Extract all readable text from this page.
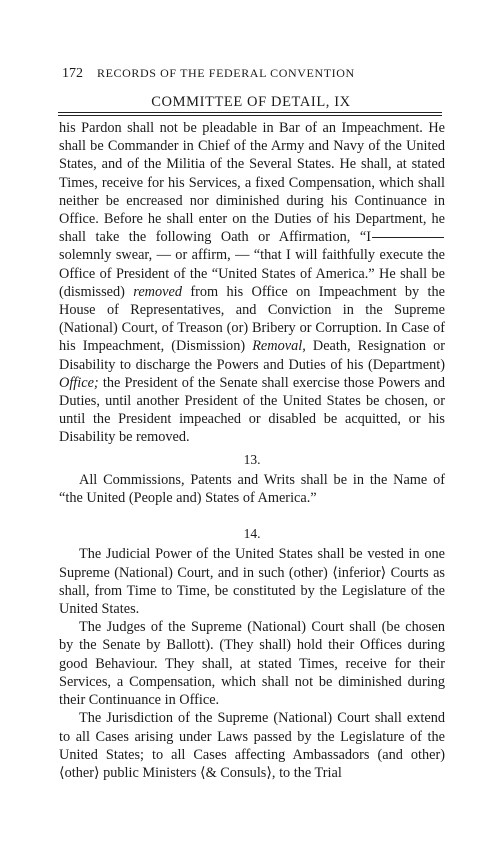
172 RECORDS OF THE FEDERAL CONVENTION
COMMITTEE OF DETAIL, IX

his Pardon shall not be pleadable in Bar of an Impeachment. He shall be Commander in Chief of the Army and Navy of the United States, and of the Militia of the Several States. He shall, at stated Times, receive for his Services, a fixed Compensation, which shall neither be encreased nor diminished during his Continuance in Office. Before he shall enter on the Duties of his Department, he shall take the following Oath or Affirmation, “Isolemnly swear, — or affirm, — “that I will faithfully execute the Office of President of the “United States of America.” He shall be (dismissed) removed from his Office on Impeachment by the House of Representatives, and Conviction in the Supreme (National) Court, of Treason (or) Bribery or Corruption. In Case of his Impeachment, (Dismission) Removal, Death, Resignation or Disability to discharge the Powers and Duties of his (Department) Office; the President of the Senate shall exercise those Powers and Duties, until another President of the United States be chosen, or until the President impeached or disabled be acquitted, or his Disability be removed.

13.

All Commissions, Patents and Writs shall be in the Name of “the United (People and) States of America.”

14.

The Judicial Power of the United States shall be vested in one Supreme (National) Court, and in such (other) ⟨inferior⟩ Courts as shall, from Time to Time, be constituted by the Legislature of the United States.

The Judges of the Supreme (National) Court shall (be chosen by the Senate by Ballott). (They shall) hold their Offices during good Behaviour. They shall, at stated Times, receive for their Services, a Compensation, which shall not be diminished during their Continuance in Office.

The Jurisdiction of the Supreme (National) Court shall extend to all Cases arising under Laws passed by the Legislature of the United States; to all Cases affecting Ambassadors (and other) ⟨other⟩ public Ministers ⟨& Consuls⟩, to the Trial
